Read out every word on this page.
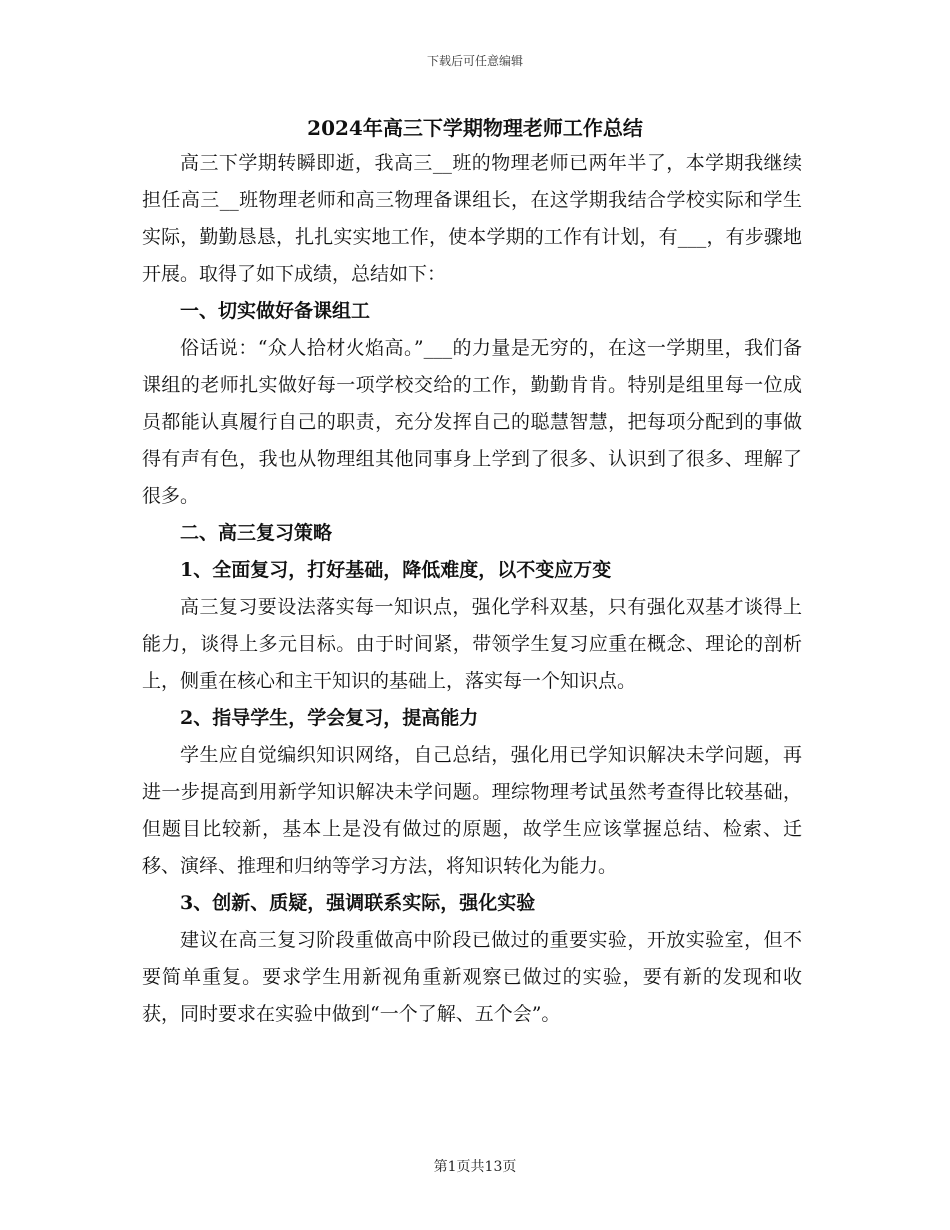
下载后可任意编辑
2024年高三下学期物理老师工作总结

高三下学期转瞬即逝，我高三__班的物理老师已两年半了，本学期我继续担任高三__班物理老师和高三物理备课组长，在这学期我结合学校实际和学生实际，勤勤恳恳，扎扎实实地工作，使本学期的工作有计划，有___，有步骤地开展。取得了如下成绩，总结如下：

一、切实做好备课组工

俗话说：“众人拾材火焰高。”___的力量是无穷的，在这一学期里，我们备课组的老师扎实做好每一项学校交给的工作，勤勤肯肯。特别是组里每一位成员都能认真履行自己的职责，充分发挥自己的聪慧智慧，把每项分配到的事做得有声有色，我也从物理组其他同事身上学到了很多、认识到了很多、理解了很多。

二、高三复习策略

1、全面复习，打好基础，降低难度，以不变应万变

高三复习要设法落实每一知识点，强化学科双基，只有强化双基才谈得上能力，谈得上多元目标。由于时间紧，带领学生复习应重在概念、理论的剖析上，侧重在核心和主干知识的基础上，落实每一个知识点。

2、指导学生，学会复习，提高能力

学生应自觉编织知识网络，自己总结，强化用已学知识解决未学问题，再进一步提高到用新学知识解决未学问题。理综物理考试虽然考查得比较基础，但题目比较新，基本上是没有做过的原题，故学生应该掌握总结、检索、迁移、演绎、推理和归纳等学习方法，将知识转化为能力。

3、创新、质疑，强调联系实际，强化实验

建议在高三复习阶段重做高中阶段已做过的重要实验，开放实验室，但不要简单重复。要求学生用新视角重新观察已做过的实验，要有新的发现和收获，同时要求在实验中做到“一个了解、五个会”。

第1页共13页
